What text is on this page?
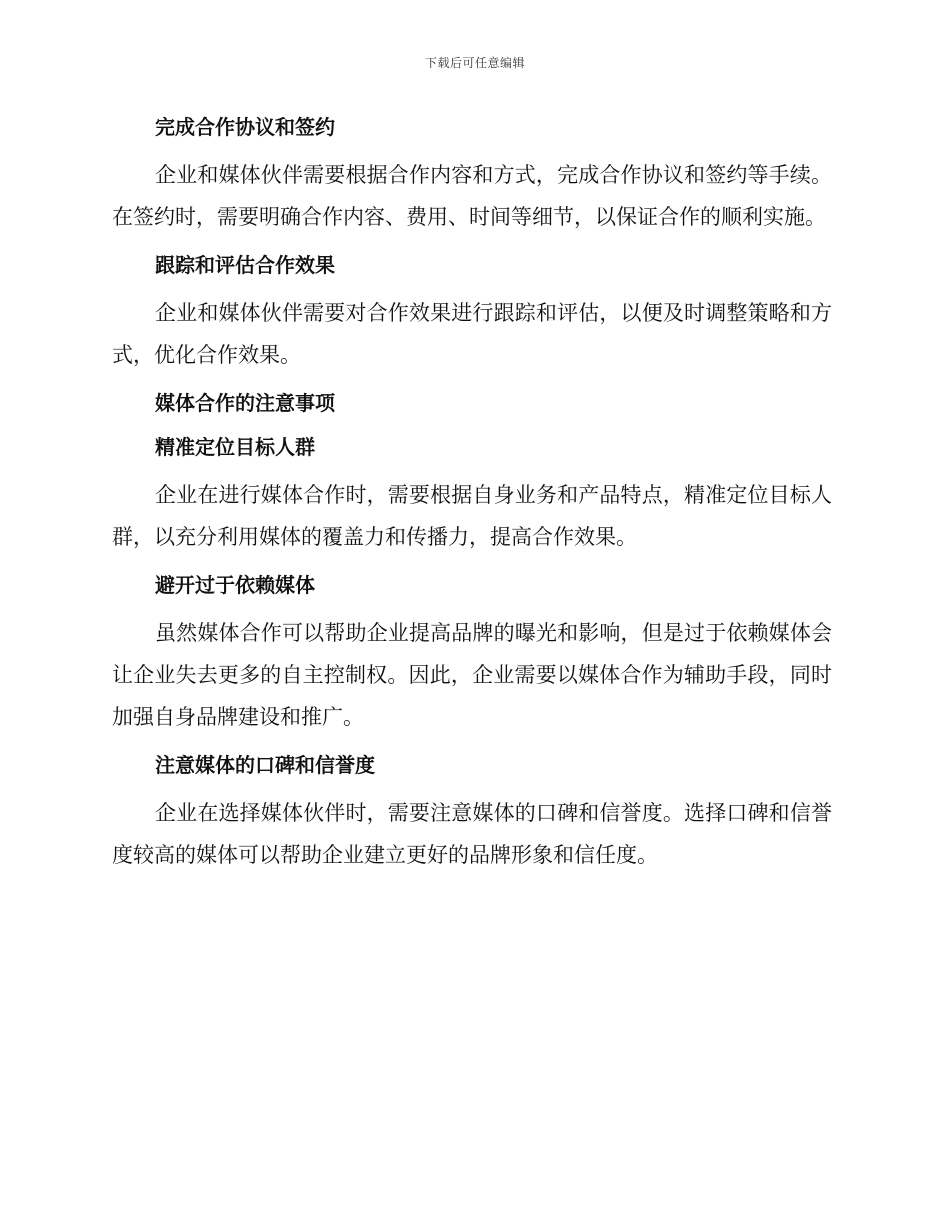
下载后可任意编辑
完成合作协议和签约
企业和媒体伙伴需要根据合作内容和方式，完成合作协议和签约等手续。在签约时，需要明确合作内容、费用、时间等细节，以保证合作的顺利实施。
跟踪和评估合作效果
企业和媒体伙伴需要对合作效果进行跟踪和评估，以便及时调整策略和方式，优化合作效果。
媒体合作的注意事项
精准定位目标人群
企业在进行媒体合作时，需要根据自身业务和产品特点，精准定位目标人群，以充分利用媒体的覆盖力和传播力，提高合作效果。
避开过于依赖媒体
虽然媒体合作可以帮助企业提高品牌的曝光和影响，但是过于依赖媒体会让企业失去更多的自主控制权。因此，企业需要以媒体合作为辅助手段，同时加强自身品牌建设和推广。
注意媒体的口碑和信誉度
企业在选择媒体伙伴时，需要注意媒体的口碑和信誉度。选择口碑和信誉度较高的媒体可以帮助企业建立更好的品牌形象和信任度。
